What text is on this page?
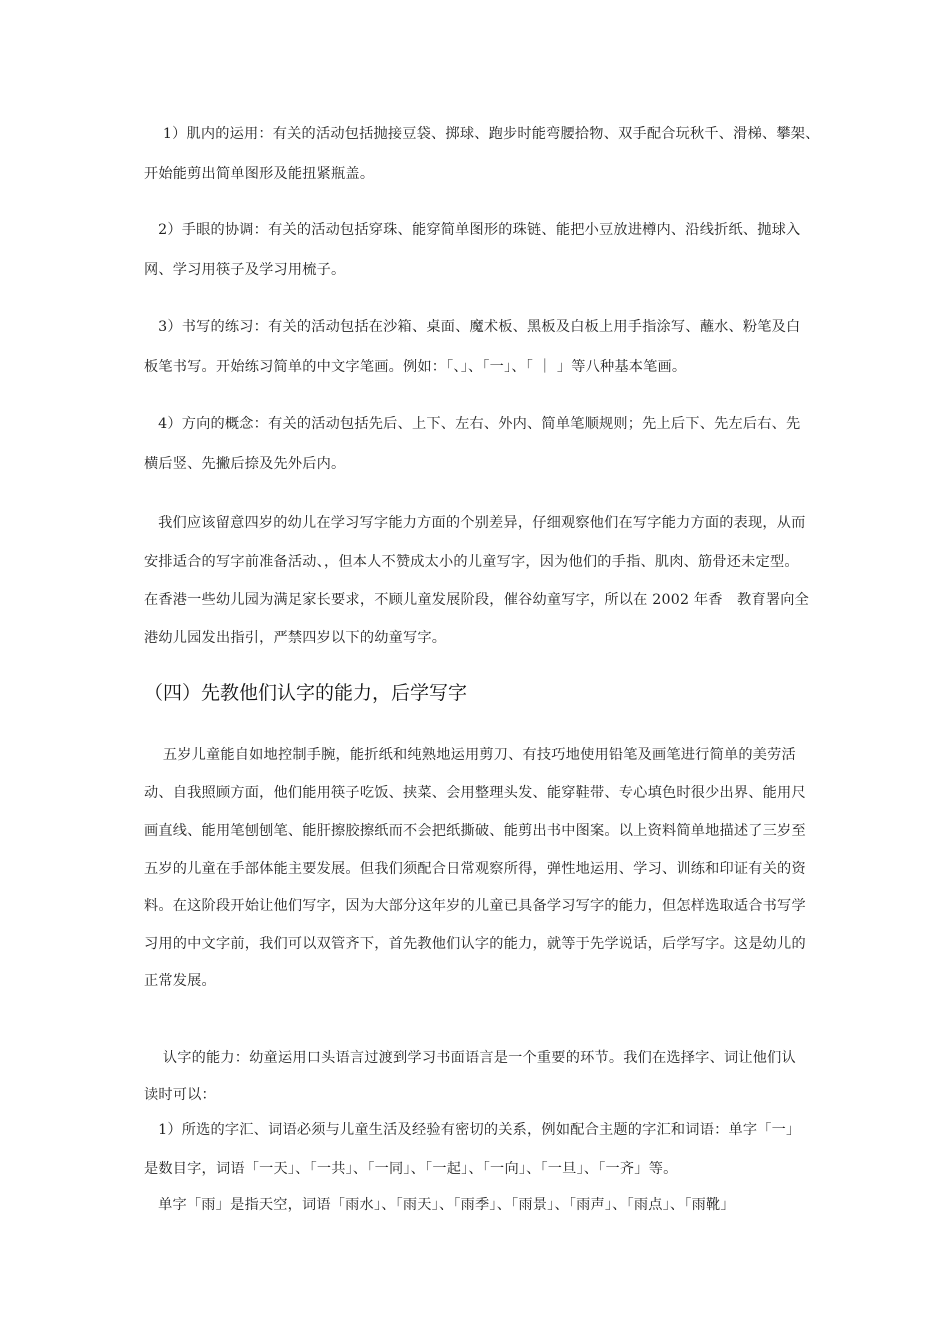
1）肌内的运用：有关的活动包括抛接豆袋、掷球、跑步时能弯腰拾物、双手配合玩秋千、滑梯、攀架、
开始能剪出简单图形及能扭紧瓶盖。
2）手眼的协调：有关的活动包括穿珠、能穿简单图形的珠链、能把小豆放进樽内、沿线折纸、抛球入
网、学习用筷子及学习用梳子。
3）书写的练习：有关的活动包括在沙箱、桌面、魔术板、黑板及白板上用手指涂写、蘸水、粉笔及白
板笔书写。开始练习简单的中文字笔画。例如：「、」、「一」、「 ｜ 」等八种基本笔画。
4）方向的概念：有关的活动包括先后、上下、左右、外内、简单笔顺规则；先上后下、先左后右、先
横后竖、先撇后捺及先外后内。
我们应该留意四岁的幼儿在学习写字能力方面的个别差异，仔细观察他们在写字能力方面的表现，从而
安排适合的写字前准备活动、，但本人不赞成太小的儿童写字，因为他们的手指、肌肉、筋骨还未定型。
在香港一些幼儿园为满足家长要求，不顾儿童发展阶段，催谷幼童写字，所以在 2002 年香　教育署向全
港幼儿园发出指引，严禁四岁以下的幼童写字。
（四）先教他们认字的能力，后学写字
五岁儿童能自如地控制手腕，能折纸和纯熟地运用剪刀、有技巧地使用铅笔及画笔进行简单的美劳活
动、自我照顾方面，他们能用筷子吃饭、挟菜、会用整理头发、能穿鞋带、专心填色时很少出界、能用尺
画直线、能用笔刨刨笔、能肝擦胶擦纸而不会把纸撕破、能剪出书中图案。以上资料简单地描述了三岁至
五岁的儿童在手部体能主要发展。但我们须配合日常观察所得，弹性地运用、学习、训练和印证有关的资
料。在这阶段开始让他们写字，因为大部分这年岁的儿童已具备学习写字的能力，但怎样选取适合书写学
习用的中文字前，我们可以双管齐下，首先教他们认字的能力，就等于先学说话，后学写字。这是幼儿的
正常发展。
认字的能力：幼童运用口头语言过渡到学习书面语言是一个重要的环节。我们在选择字、词让他们认
读时可以：
1）所选的字汇、词语必须与儿童生活及经验有密切的关系，例如配合主题的字汇和词语：单字「一」
是数目字，词语「一天」、「一共」、「一同」、「一起」、「一向」、「一旦」、「一齐」等。
单字「雨」是指天空，词语「雨水」、「雨天」、「雨季」、「雨景」、「雨声」、「雨点」、「雨靴」
